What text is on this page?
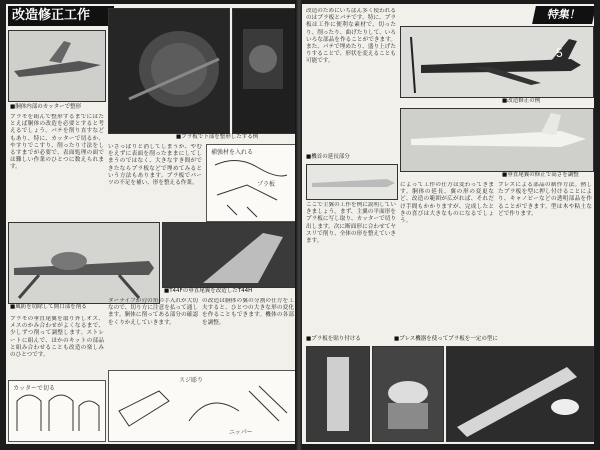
改造修正工作
■胴体内部のカッターで整形
■プラ板で下部を整形したする例
プラモを組んで整形するまでにはたとえば胴体の改造を必要とすると考えるでしょう。パテを削り直すなどもあり、特に、カッターで切るか、やすりでこすり、削ったり寸法をしるすまでが必要で、表面処理の面では難しい作業のひとつに数えられます。
いさっぱりと消してしまうか、やむをえずに表面を削ったままにしてしまうのではなく、大きなすき間ができたならプラ板などで埋めてみるという方法もあります。プラ板でパーツの不足を補い、形を整える作業。
補強材を入れる
プラ板
■風防を切除して開口部を削る
■T44Fの垂直尾翼を改造したT44H
プラモの垂直尾翼を取り外しオス、メスのかみ合わせがよくなるまで、少しずつ削って調整します。ストレートに組んで、ほかのキットの部品と組み合わせることも改造の楽しみのひとつです。
ターナイフが刃の角の手入れが大切なので、切り方に注意を払って通します。胴体に削ってある部分の確認をくりかえしていきます。
の改造は胴体の翼の分割の仕方を工夫すると、ひとつの大きな形の変化を作ることもできます。機体の各部を調整。
カッターで切る
スジ彫り
ニッパー
特集！
改造のためにいちばん多く使われるのはプラ板とパテです。特に、プラ板は工作に便利な素材で、切ったり、削ったり、曲げたりして、いろいろな部品を作ることができます。また、パテで埋めたり、盛り上げたりすることで、形状を変えることも可能です。
5
■改造修正の例
■機首の延長部分
■垂直尾翼の修正で高さを調整
ここで主翼の工作を例に説明していきましょう。まず、主翼の平面形をプラ板に写し取り、カッターで切り出します。次に断面形に合わせてヤスリで削り、全体の形を整えていきます。
によって工作の仕方は変わってきます。胴体の延長、翼の形の変更など、改造の範囲が広がれば、それだけ手間もかかりますが、完成したときの喜びは大きなものになるでしょう。
プレスによる部品の制作方法。熱したプラ板を型に押し付けることにより、キャノピーなどの透明部品を作ることができます。型は木や粘土などで作ります。
■プラ板を貼り付ける	■プレス機器を使ってプラ板を一定の型に
